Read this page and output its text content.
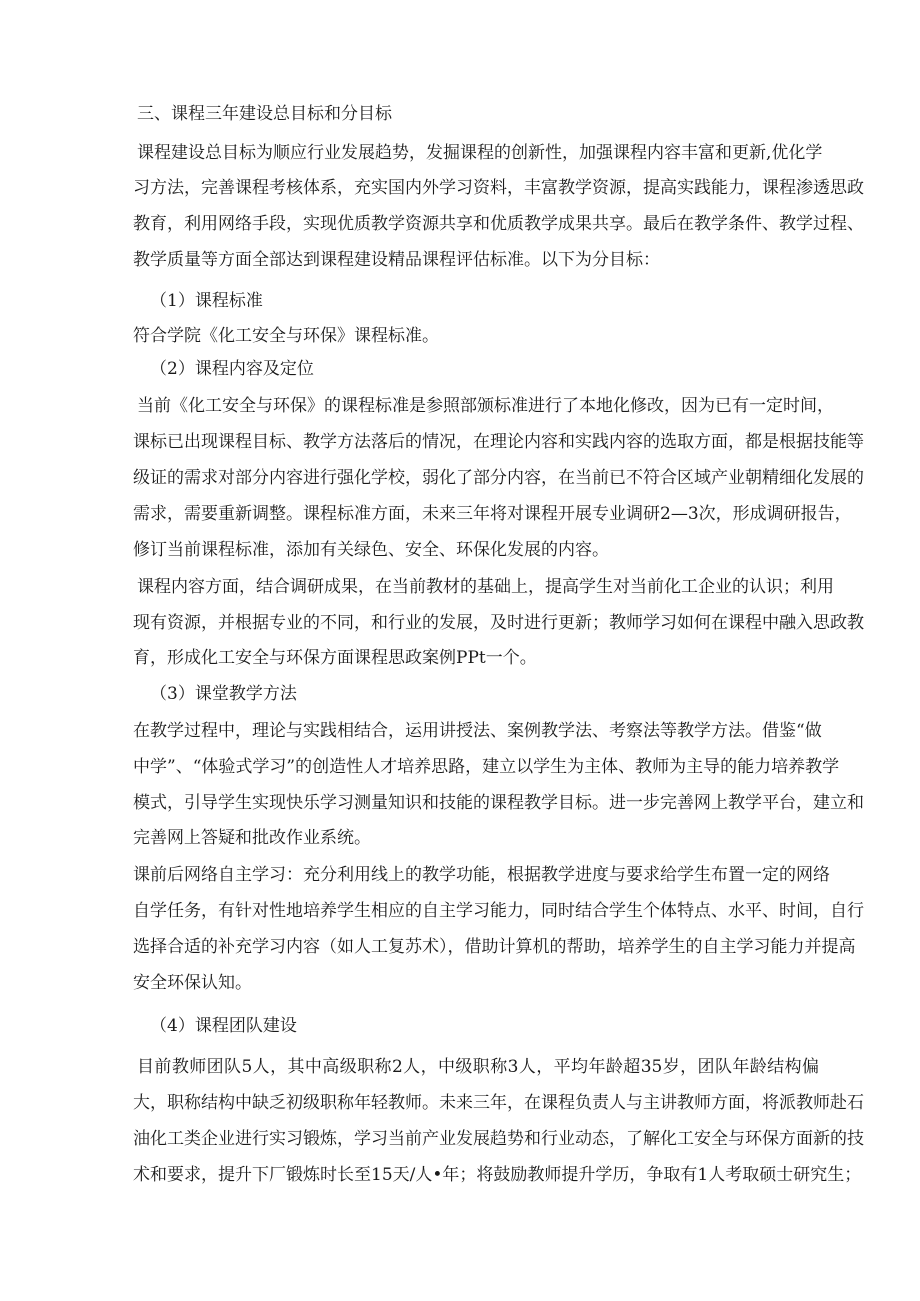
三、课程三年建设总目标和分目标
课程建设总目标为顺应行业发展趋势，发掘课程的创新性，加强课程内容丰富和更新,优化学
习方法，完善课程考核体系，充实国内外学习资料，丰富教学资源，提高实践能力，课程渗透思政
教育，利用网络手段，实现优质教学资源共享和优质教学成果共享。最后在教学条件、教学过程、
教学质量等方面全部达到课程建设精品课程评估标准。以下为分目标：
（1）课程标准
符合学院《化工安全与环保》课程标准。
（2）课程内容及定位
当前《化工安全与环保》的课程标准是参照部颁标准进行了本地化修改，因为已有一定时间，
课标已出现课程目标、教学方法落后的情况，在理论内容和实践内容的选取方面，都是根据技能等
级证的需求对部分内容进行强化学校，弱化了部分内容，在当前已不符合区域产业朝精细化发展的
需求，需要重新调整。课程标准方面，未来三年将对课程开展专业调研2—3次，形成调研报告，
修订当前课程标准，添加有关绿色、安全、环保化发展的内容。
课程内容方面，结合调研成果，在当前教材的基础上，提高学生对当前化工企业的认识；利用
现有资源，并根据专业的不同，和行业的发展，及时进行更新；教师学习如何在课程中融入思政教
育，形成化工安全与环保方面课程思政案例PPt一个。
（3）课堂教学方法
在教学过程中，理论与实践相结合，运用讲授法、案例教学法、考察法等教学方法。借鉴“做
中学”、“体验式学习”的创造性人才培养思路，建立以学生为主体、教师为主导的能力培养教学
模式，引导学生实现快乐学习测量知识和技能的课程教学目标。进一步完善网上教学平台，建立和
完善网上答疑和批改作业系统。
课前后网络自主学习：充分利用线上的教学功能，根据教学进度与要求给学生布置一定的网络
自学任务，有针对性地培养学生相应的自主学习能力，同时结合学生个体特点、水平、时间，自行
选择合适的补充学习内容（如人工复苏术），借助计算机的帮助，培养学生的自主学习能力并提高
安全环保认知。
（4）课程团队建设
目前教师团队5人，其中高级职称2人，中级职称3人，平均年龄超35岁，团队年龄结构偏
大，职称结构中缺乏初级职称年轻教师。未来三年，在课程负责人与主讲教师方面，将派教师赴石
油化工类企业进行实习锻炼，学习当前产业发展趋势和行业动态，了解化工安全与环保方面新的技
术和要求，提升下厂锻炼时长至15天/人•年；将鼓励教师提升学历，争取有1人考取硕士研究生；
